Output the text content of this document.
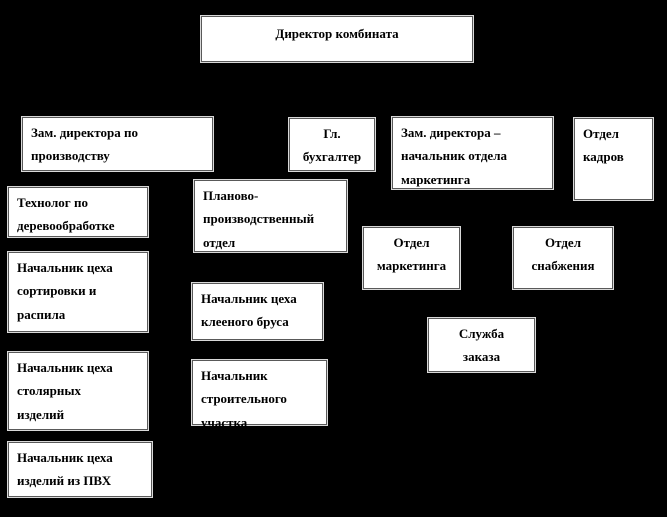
Директор комбината
Зам. директора по производству
Гл. бухгалтер
Зам. директора – начальник отдела маркетинга
Отдел кадров
Технолог по деревообработке
Планово-производственный отдел	Отдел маркетинга
Отдел снабжения
Начальник цеха сортировки и распила
Начальник цеха клееного бруса
Служба заказа
Начальник цеха столярных изделий
Начальник строительного участка
Начальник цеха изделий из ПВХ
